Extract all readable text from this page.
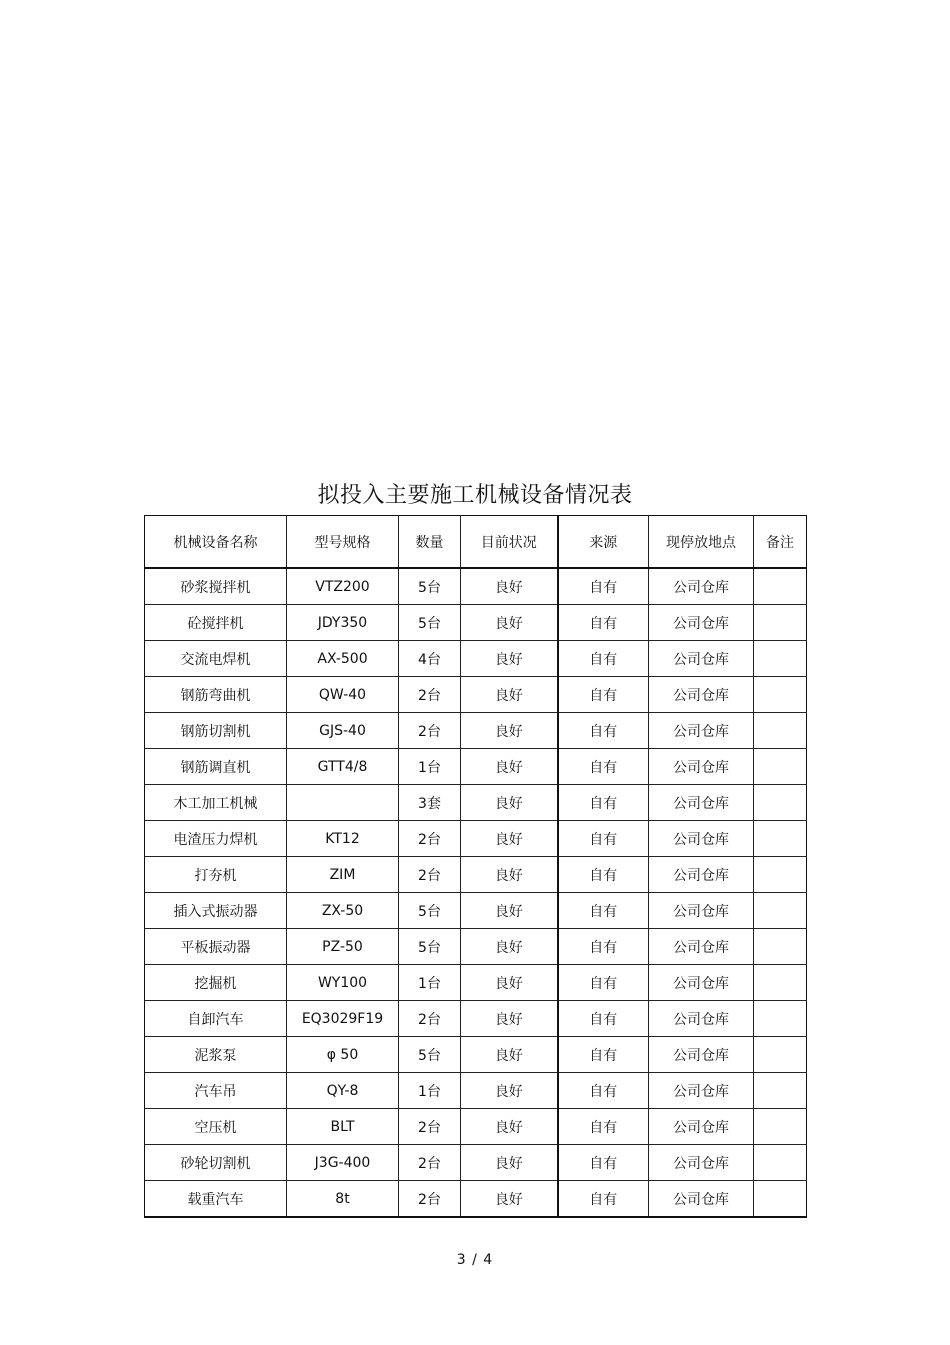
拟投入主要施工机械设备情况表
机械设备名称	型号规格	数量	目前状况	来源	现停放地点	备注
砂浆搅拌机	VTZ200	5台	良好	自有	公司仓库	
砼搅拌机	JDY350	5台	良好	自有	公司仓库	
交流电焊机	AX-500	4台	良好	自有	公司仓库	
钢筋弯曲机	QW-40	2台	良好	自有	公司仓库	
钢筋切割机	GJS-40	2台	良好	自有	公司仓库	
钢筋调直机	GTT4/8	1台	良好	自有	公司仓库	
木工加工机械		3套	良好	自有	公司仓库	
电渣压力焊机	KT12	2台	良好	自有	公司仓库	
打夯机	ZIM	2台	良好	自有	公司仓库	
插入式振动器	ZX-50	5台	良好	自有	公司仓库	
平板振动器	PZ-50	5台	良好	自有	公司仓库	
挖掘机	WY100	1台	良好	自有	公司仓库	
自卸汽车	EQ3029F19	2台	良好	自有	公司仓库	
泥浆泵	φ 50	5台	良好	自有	公司仓库	
汽车吊	QY-8	1台	良好	自有	公司仓库	
空压机	BLT	2台	良好	自有	公司仓库	
砂轮切割机	J3G-400	2台	良好	自有	公司仓库	
载重汽车	8t	2台	良好	自有	公司仓库	
3 / 4
